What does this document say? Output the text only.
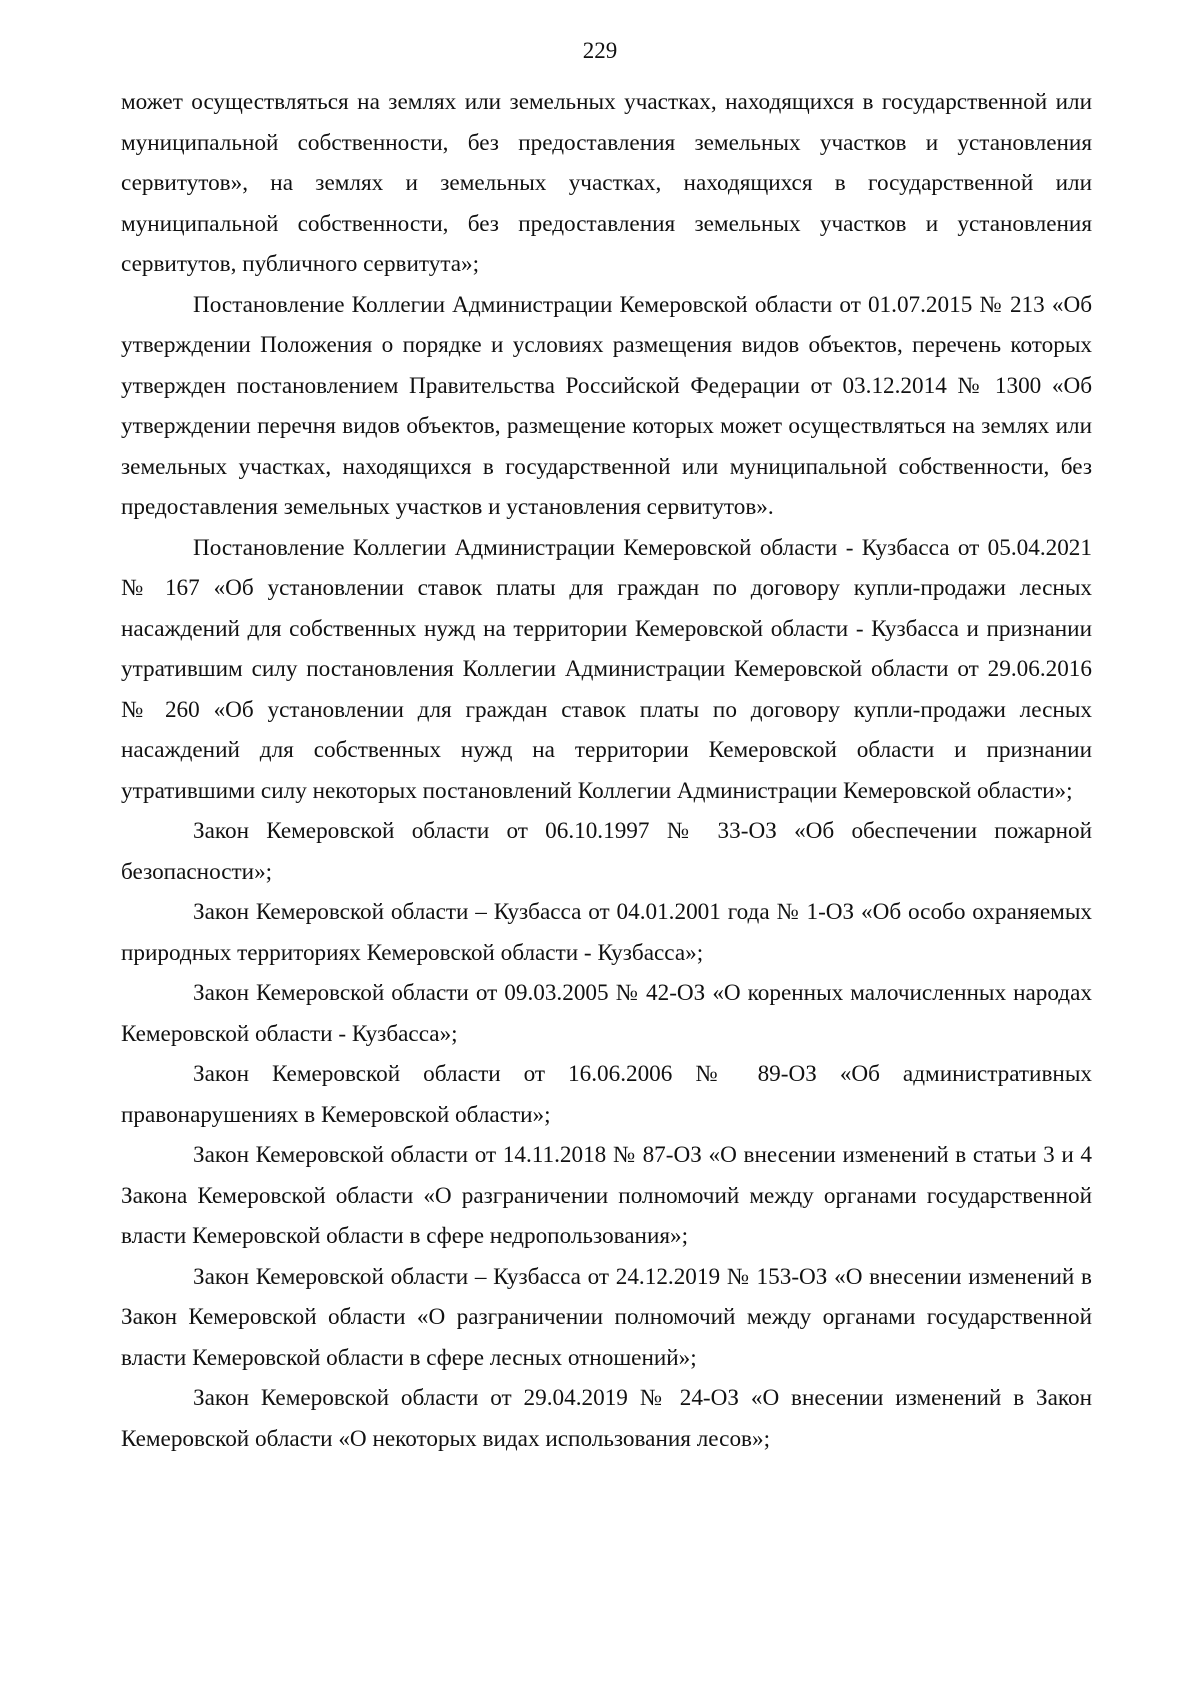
229

может осуществляться на землях или земельных участках, находящихся в государственной или муниципальной собственности, без предоставления земельных участков и установления сервитутов», на землях и земельных участках, находящихся в государственной или муниципальной собственности, без предоставления земельных участков и установления сервитутов, публичного сервитута»;

Постановление Коллегии Администрации Кемеровской области от 01.07.2015 № 213 «Об утверждении Положения о порядке и условиях размещения видов объектов, перечень которых утвержден постановлением Правительства Российской Федерации от 03.12.2014 № 1300 «Об утверждении перечня видов объектов, размещение которых может осуществляться на землях или земельных участках, находящихся в государственной или муниципальной собственности, без предоставления земельных участков и установления сервитутов».

Постановление Коллегии Администрации Кемеровской области - Кузбасса от 05.04.2021 № 167 «Об установлении ставок платы для граждан по договору купли-продажи лесных насаждений для собственных нужд на территории Кемеровской области - Кузбасса и признании утратившим силу постановления Коллегии Администрации Кемеровской области от 29.06.2016 № 260 «Об установлении для граждан ставок платы по договору купли-продажи лесных насаждений для собственных нужд на территории Кемеровской области и признании утратившими силу некоторых постановлений Коллегии Администрации Кемеровской области»;

Закон Кемеровской области от 06.10.1997 № 33-ОЗ «Об обеспечении пожарной безопасности»;

Закон Кемеровской области – Кузбасса от 04.01.2001 года № 1-ОЗ «Об особо охраняемых природных территориях Кемеровской области - Кузбасса»;

Закон Кемеровской области от 09.03.2005 № 42-ОЗ «О коренных малочисленных народах Кемеровской области - Кузбасса»;

Закон Кемеровской области от 16.06.2006 № 89-ОЗ «Об административных правонарушениях в Кемеровской области»;

Закон Кемеровской области от 14.11.2018 № 87-ОЗ «О внесении изменений в статьи 3 и 4 Закона Кемеровской области «О разграничении полномочий между органами государственной власти Кемеровской области в сфере недропользования»;

Закон Кемеровской области – Кузбасса от 24.12.2019 № 153-ОЗ «О внесении изменений в Закон Кемеровской области «О разграничении полномочий между органами государственной власти Кемеровской области в сфере лесных отношений»;

Закон Кемеровской области от 29.04.2019 № 24-ОЗ «О внесении изменений в Закон Кемеровской области «О некоторых видах использования лесов»;
